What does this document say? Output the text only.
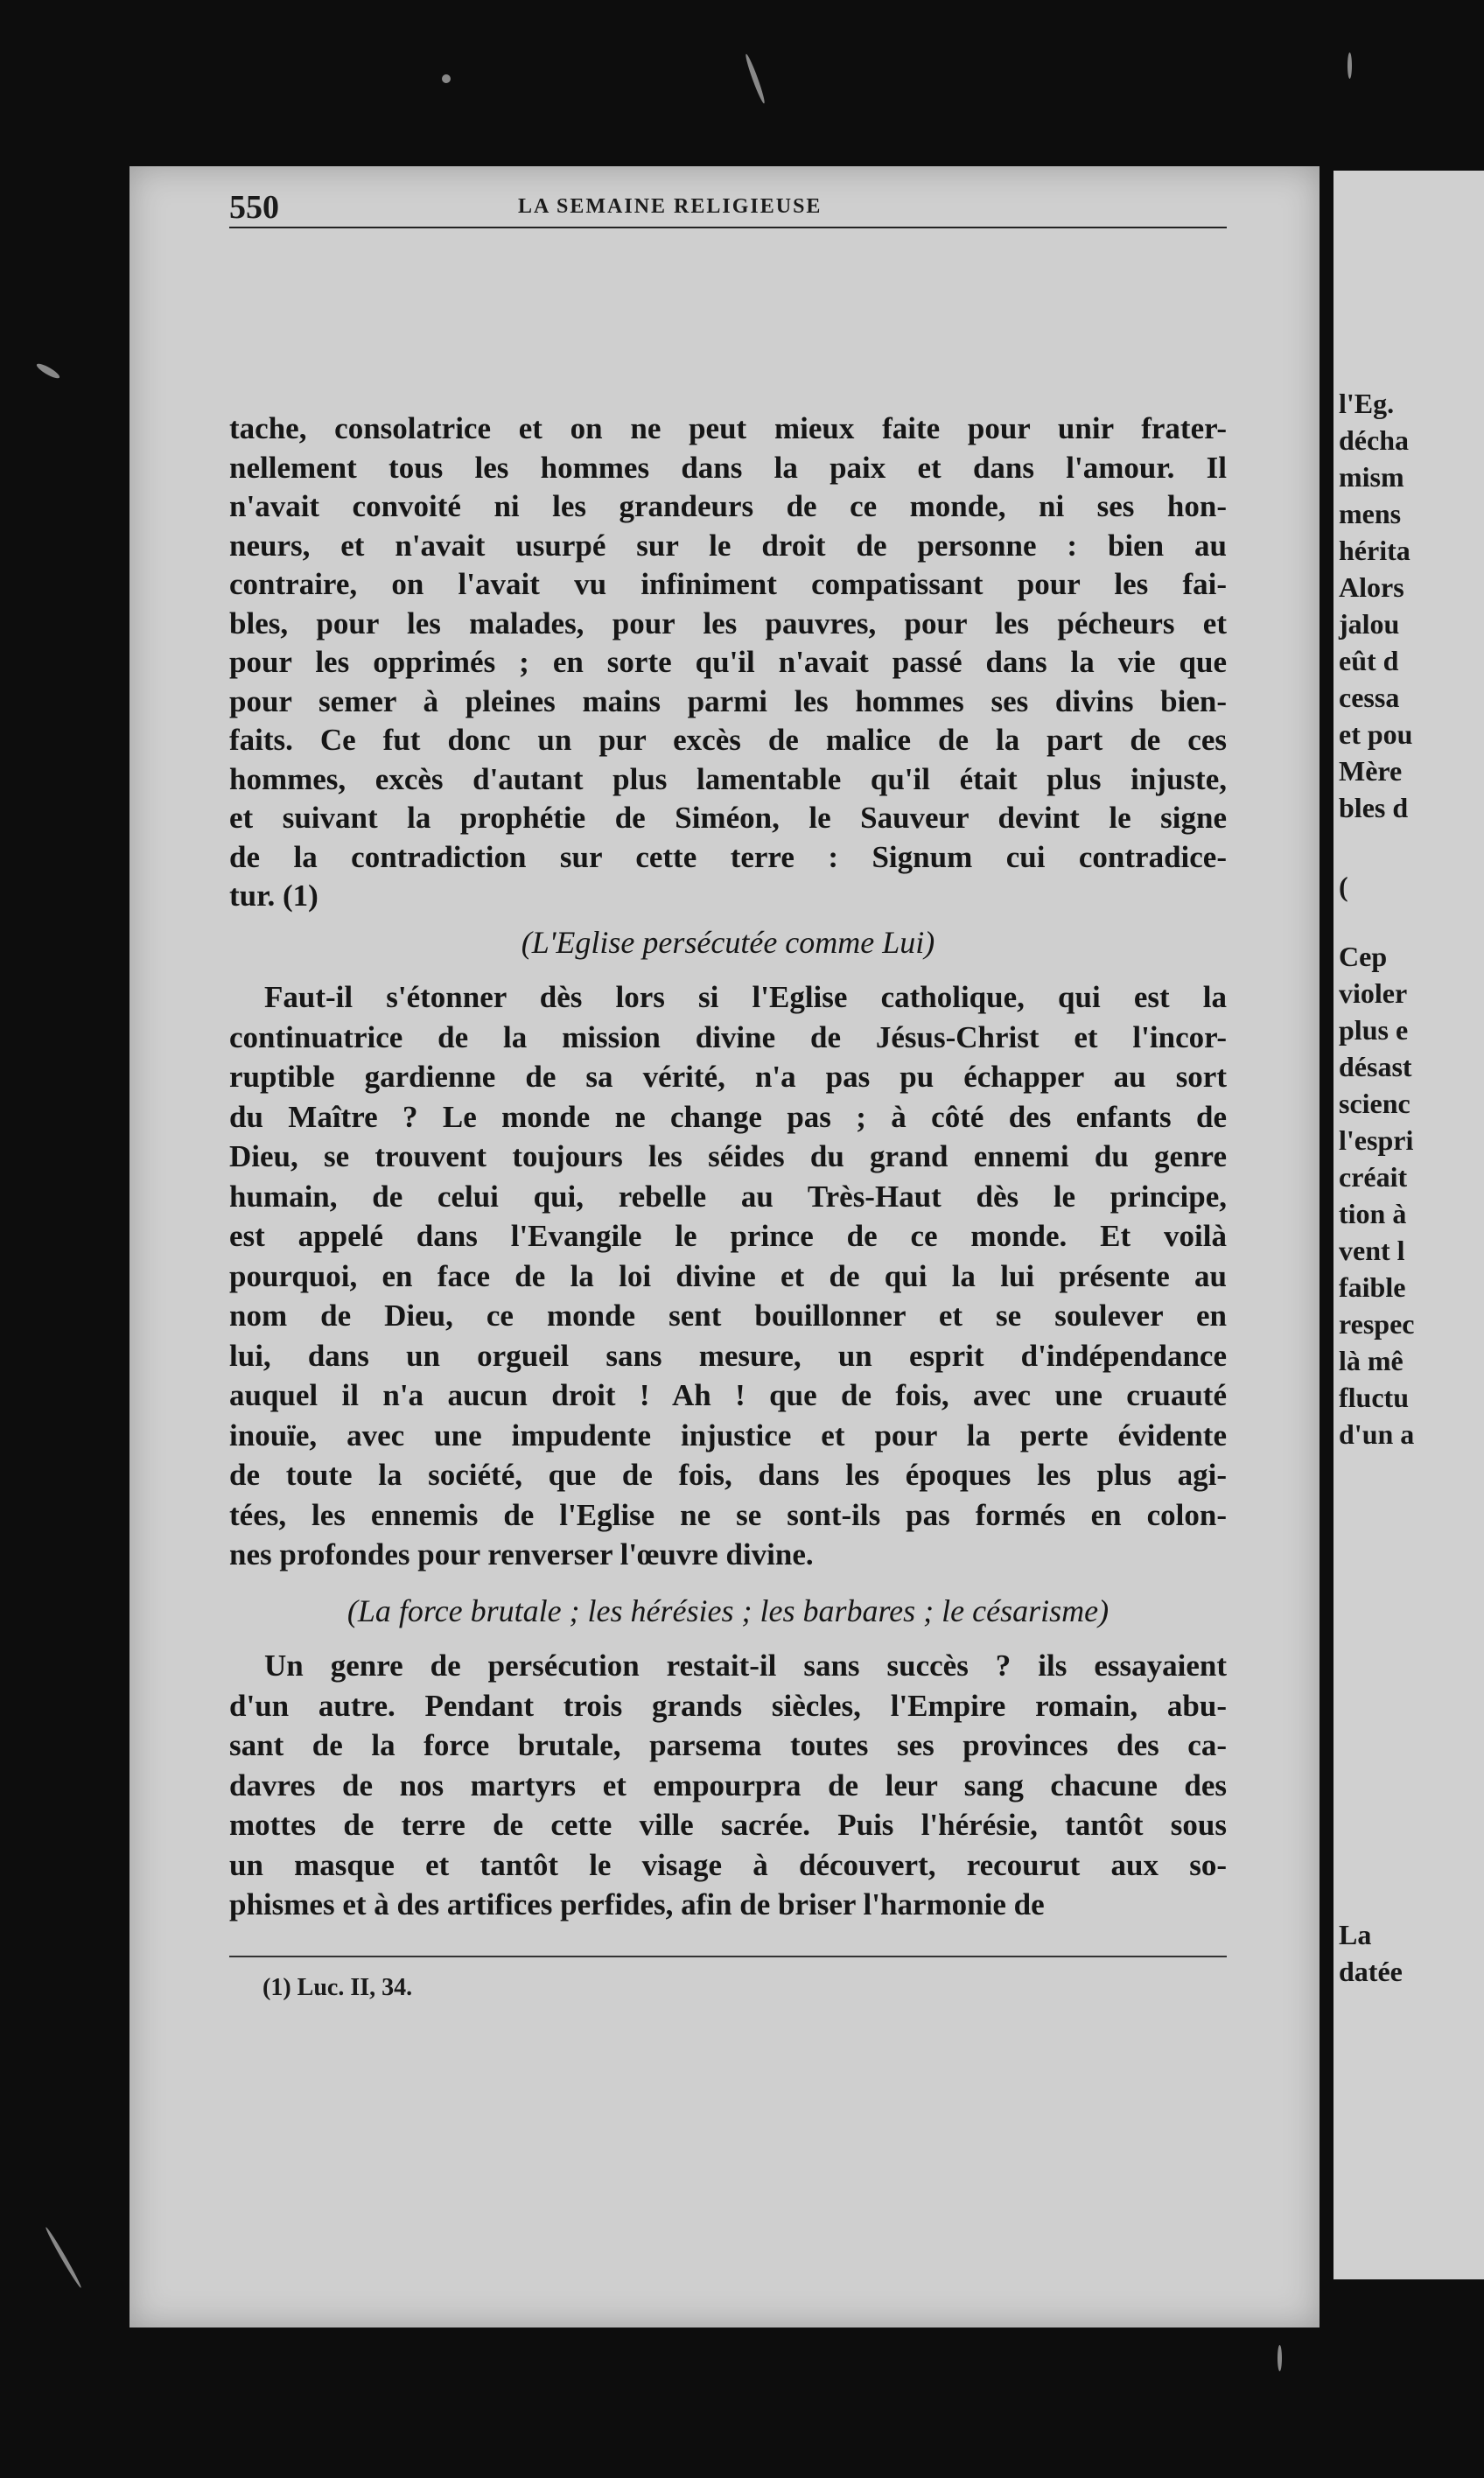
l'Eg.
décha
mism
mens
hérita
Alors
jalou
eût d
cessa
et pou
Mère
bles d
(
Cep
violer
plus e
désast
scienc
l'espri
créait
tion à
vent l
faible
respec
là mê
fluctu
d'un a
La
datée
550	LA SEMAINE RELIGIEUSE
tache, consolatrice et on ne peut mieux faite pour unir frater-
nellement tous les hommes dans la paix et dans l'amour. Il
n'avait convoité ni les grandeurs de ce monde, ni ses hon-
neurs, et n'avait usurpé sur le droit de personne : bien au
contraire, on l'avait vu infiniment compatissant pour les fai-
bles, pour les malades, pour les pauvres, pour les pécheurs et
pour les opprimés ; en sorte qu'il n'avait passé dans la vie que
pour semer à pleines mains parmi les hommes ses divins bien-
faits. Ce fut donc un pur excès de malice de la part de ces
hommes, excès d'autant plus lamentable qu'il était plus injuste,
et suivant la prophétie de Siméon, le Sauveur devint le signe
de la contradiction sur cette terre : Signum cui contradice-
tur. (1)
(L'Eglise persécutée comme Lui)
Faut-il s'étonner dès lors si l'Eglise catholique, qui est la
continuatrice de la mission divine de Jésus-Christ et l'incor-
ruptible gardienne de sa vérité, n'a pas pu échapper au sort
du Maître ? Le monde ne change pas ; à côté des enfants de
Dieu, se trouvent toujours les séides du grand ennemi du genre
humain, de celui qui, rebelle au Très-Haut dès le principe,
est appelé dans l'Evangile le prince de ce monde. Et voilà
pourquoi, en face de la loi divine et de qui la lui présente au
nom de Dieu, ce monde sent bouillonner et se soulever en
lui, dans un orgueil sans mesure, un esprit d'indépendance
auquel il n'a aucun droit ! Ah ! que de fois, avec une cruauté
inouïe, avec une impudente injustice et pour la perte évidente
de toute la société, que de fois, dans les époques les plus agi-
tées, les ennemis de l'Eglise ne se sont-ils pas formés en colon-
nes profondes pour renverser l'œuvre divine.
(La force brutale ; les hérésies ; les barbares ; le césarisme)
Un genre de persécution restait-il sans succès ? ils essayaient
d'un autre. Pendant trois grands siècles, l'Empire romain, abu-
sant de la force brutale, parsema toutes ses provinces des ca-
davres de nos martyrs et empourpra de leur sang chacune des
mottes de terre de cette ville sacrée. Puis l'hérésie, tantôt sous
un masque et tantôt le visage à découvert, recourut aux so-
phismes et à des artifices perfides, afin de briser l'harmonie de
(1) Luc. II, 34.
